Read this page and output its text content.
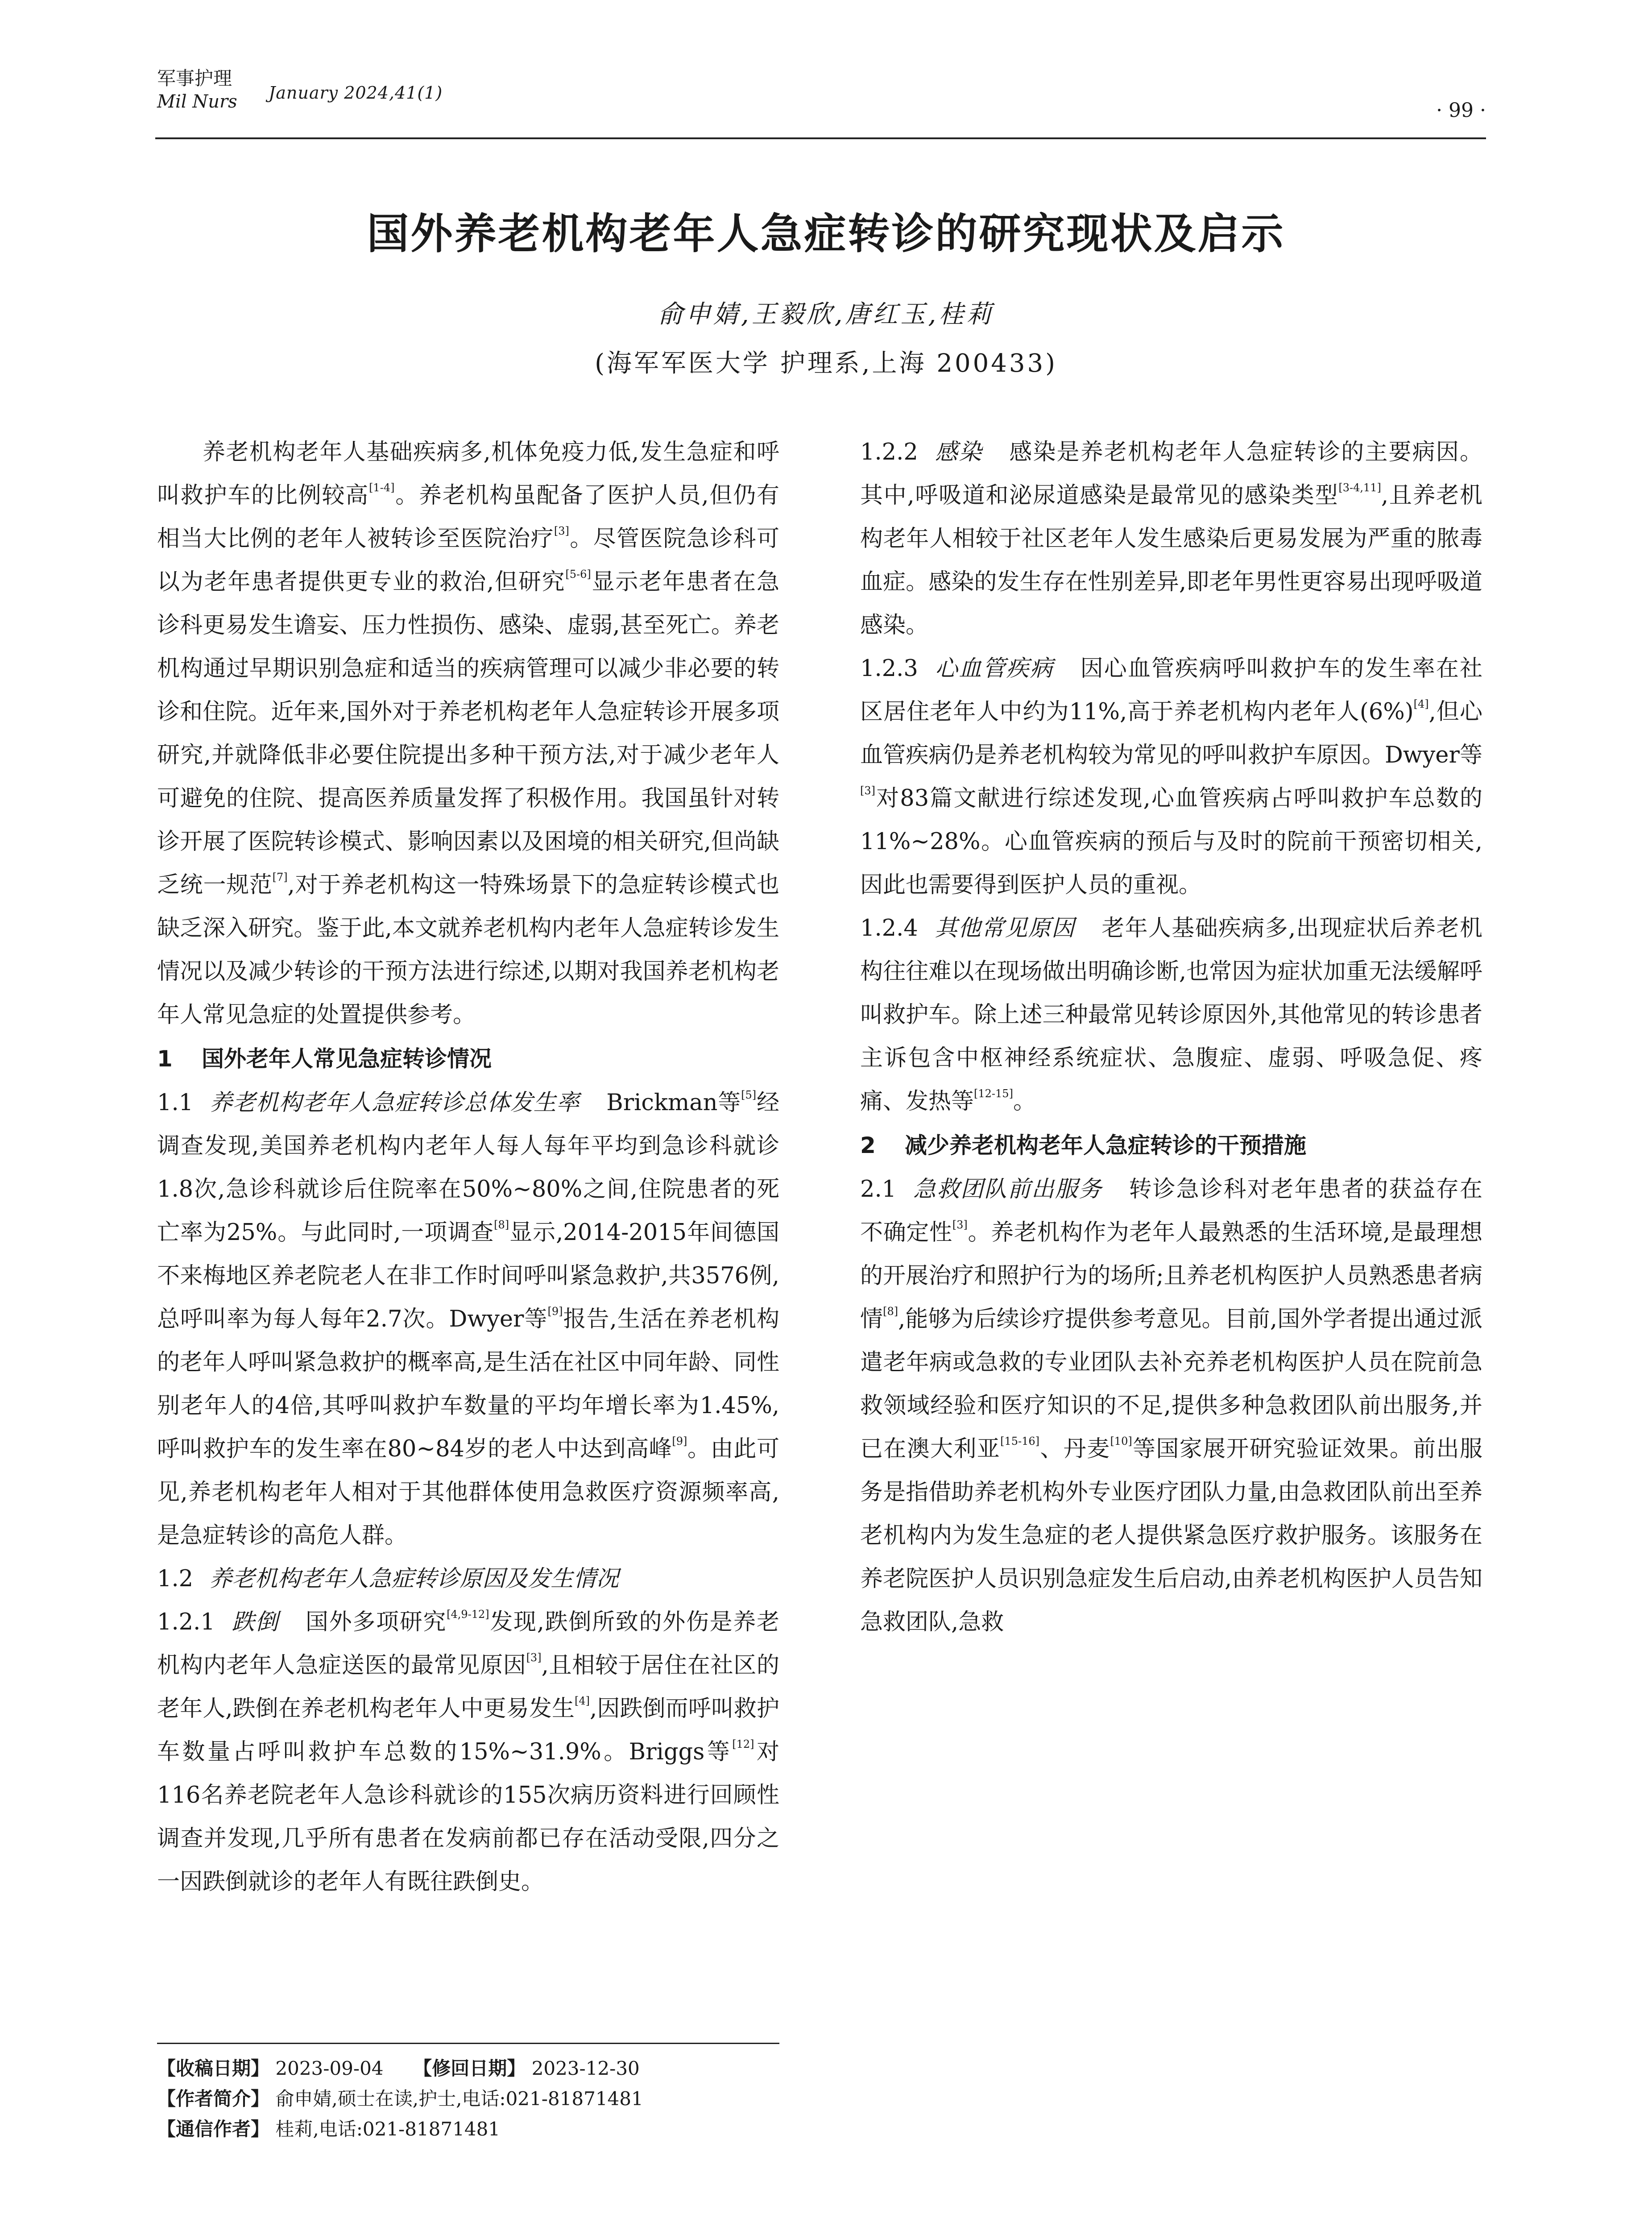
军事护理
Mil Nurs January 2024,41(1)
· 99 ·
国外养老机构老年人急症转诊的研究现状及启示
俞申婧,王毅欣,唐红玉,桂莉
(海军军医大学 护理系,上海 200433)

养老机构老年人基础疾病多,机体免疫力低,发生急症和呼叫救护车的比例较高[1-4]。养老机构虽配备了医护人员,但仍有相当大比例的老年人被转诊至医院治疗[3]。尽管医院急诊科可以为老年患者提供更专业的救治,但研究[5-6]显示老年患者在急诊科更易发生谵妄、压力性损伤、感染、虚弱,甚至死亡。养老机构通过早期识别急症和适当的疾病管理可以减少非必要的转诊和住院。近年来,国外对于养老机构老年人急症转诊开展多项研究,并就降低非必要住院提出多种干预方法,对于减少老年人可避免的住院、提高医养质量发挥了积极作用。我国虽针对转诊开展了医院转诊模式、影响因素以及困境的相关研究,但尚缺乏统一规范[7],对于养老机构这一特殊场景下的急症转诊模式也缺乏深入研究。鉴于此,本文就养老机构内老年人急症转诊发生情况以及减少转诊的干预方法进行综述,以期对我国养老机构老年人常见急症的处置提供参考。

1 国外老年人常见急症转诊情况

1.1 养老机构老年人急症转诊总体发生率 Brickman等[5]经调查发现,美国养老机构内老年人每人每年平均到急诊科就诊1.8次,急诊科就诊后住院率在50%~80%之间,住院患者的死亡率为25%。与此同时,一项调查[8]显示,2014-2015年间德国不来梅地区养老院老人在非工作时间呼叫紧急救护,共3576例,总呼叫率为每人每年2.7次。Dwyer等[9]报告,生活在养老机构的老年人呼叫紧急救护的概率高,是生活在社区中同年龄、同性别老年人的4倍,其呼叫救护车数量的平均年增长率为1.45%,呼叫救护车的发生率在80~84岁的老人中达到高峰[9]。由此可见,养老机构老年人相对于其他群体使用急救医疗资源频率高,是急症转诊的高危人群。

1.2 养老机构老年人急症转诊原因及发生情况

1.2.1 跌倒 国外多项研究[4,9-12]发现,跌倒所致的外伤是养老机构内老年人急症送医的最常见原因[3],且相较于居住在社区的老年人,跌倒在养老机构老年人中更易发生[4],因跌倒而呼叫救护车数量占呼叫救护车总数的15%~31.9%。Briggs等[12]对116名养老院老年人急诊科就诊的155次病历资料进行回顾性调查并发现,几乎所有患者在发病前都已存在活动受限,四分之一因跌倒就诊的老年人有既往跌倒史。

1.2.2 感染 感染是养老机构老年人急症转诊的主要病因。其中,呼吸道和泌尿道感染是最常见的感染类型[3-4,11],且养老机构老年人相较于社区老年人发生感染后更易发展为严重的脓毒血症。感染的发生存在性别差异,即老年男性更容易出现呼吸道感染。

1.2.3 心血管疾病 因心血管疾病呼叫救护车的发生率在社区居住老年人中约为11%,高于养老机构内老年人(6%)[4],但心血管疾病仍是养老机构较为常见的呼叫救护车原因。Dwyer等[3]对83篇文献进行综述发现,心血管疾病占呼叫救护车总数的11%~28%。心血管疾病的预后与及时的院前干预密切相关,因此也需要得到医护人员的重视。

1.2.4 其他常见原因 老年人基础疾病多,出现症状后养老机构往往难以在现场做出明确诊断,也常因为症状加重无法缓解呼叫救护车。除上述三种最常见转诊原因外,其他常见的转诊患者主诉包含中枢神经系统症状、急腹症、虚弱、呼吸急促、疼痛、发热等[12-15]。

2 减少养老机构老年人急症转诊的干预措施

2.1 急救团队前出服务 转诊急诊科对老年患者的获益存在不确定性[3]。养老机构作为老年人最熟悉的生活环境,是最理想的开展治疗和照护行为的场所;且养老机构医护人员熟悉患者病情[8],能够为后续诊疗提供参考意见。目前,国外学者提出通过派遣老年病或急救的专业团队去补充养老机构医护人员在院前急救领域经验和医疗知识的不足,提供多种急救团队前出服务,并已在澳大利亚[15-16]、丹麦[10]等国家展开研究验证效果。前出服务是指借助养老机构外专业医疗团队力量,由急救团队前出至养老机构内为发生急症的老人提供紧急医疗救护服务。该服务在养老院医护人员识别急症发生后启动,由养老机构医护人员告知急救团队,急救

【收稿日期】 2023-09-04 【修回日期】 2023-12-30
【作者简介】 俞申婧,硕士在读,护士,电话:021-81871481
【通信作者】 桂莉,电话:021-81871481
